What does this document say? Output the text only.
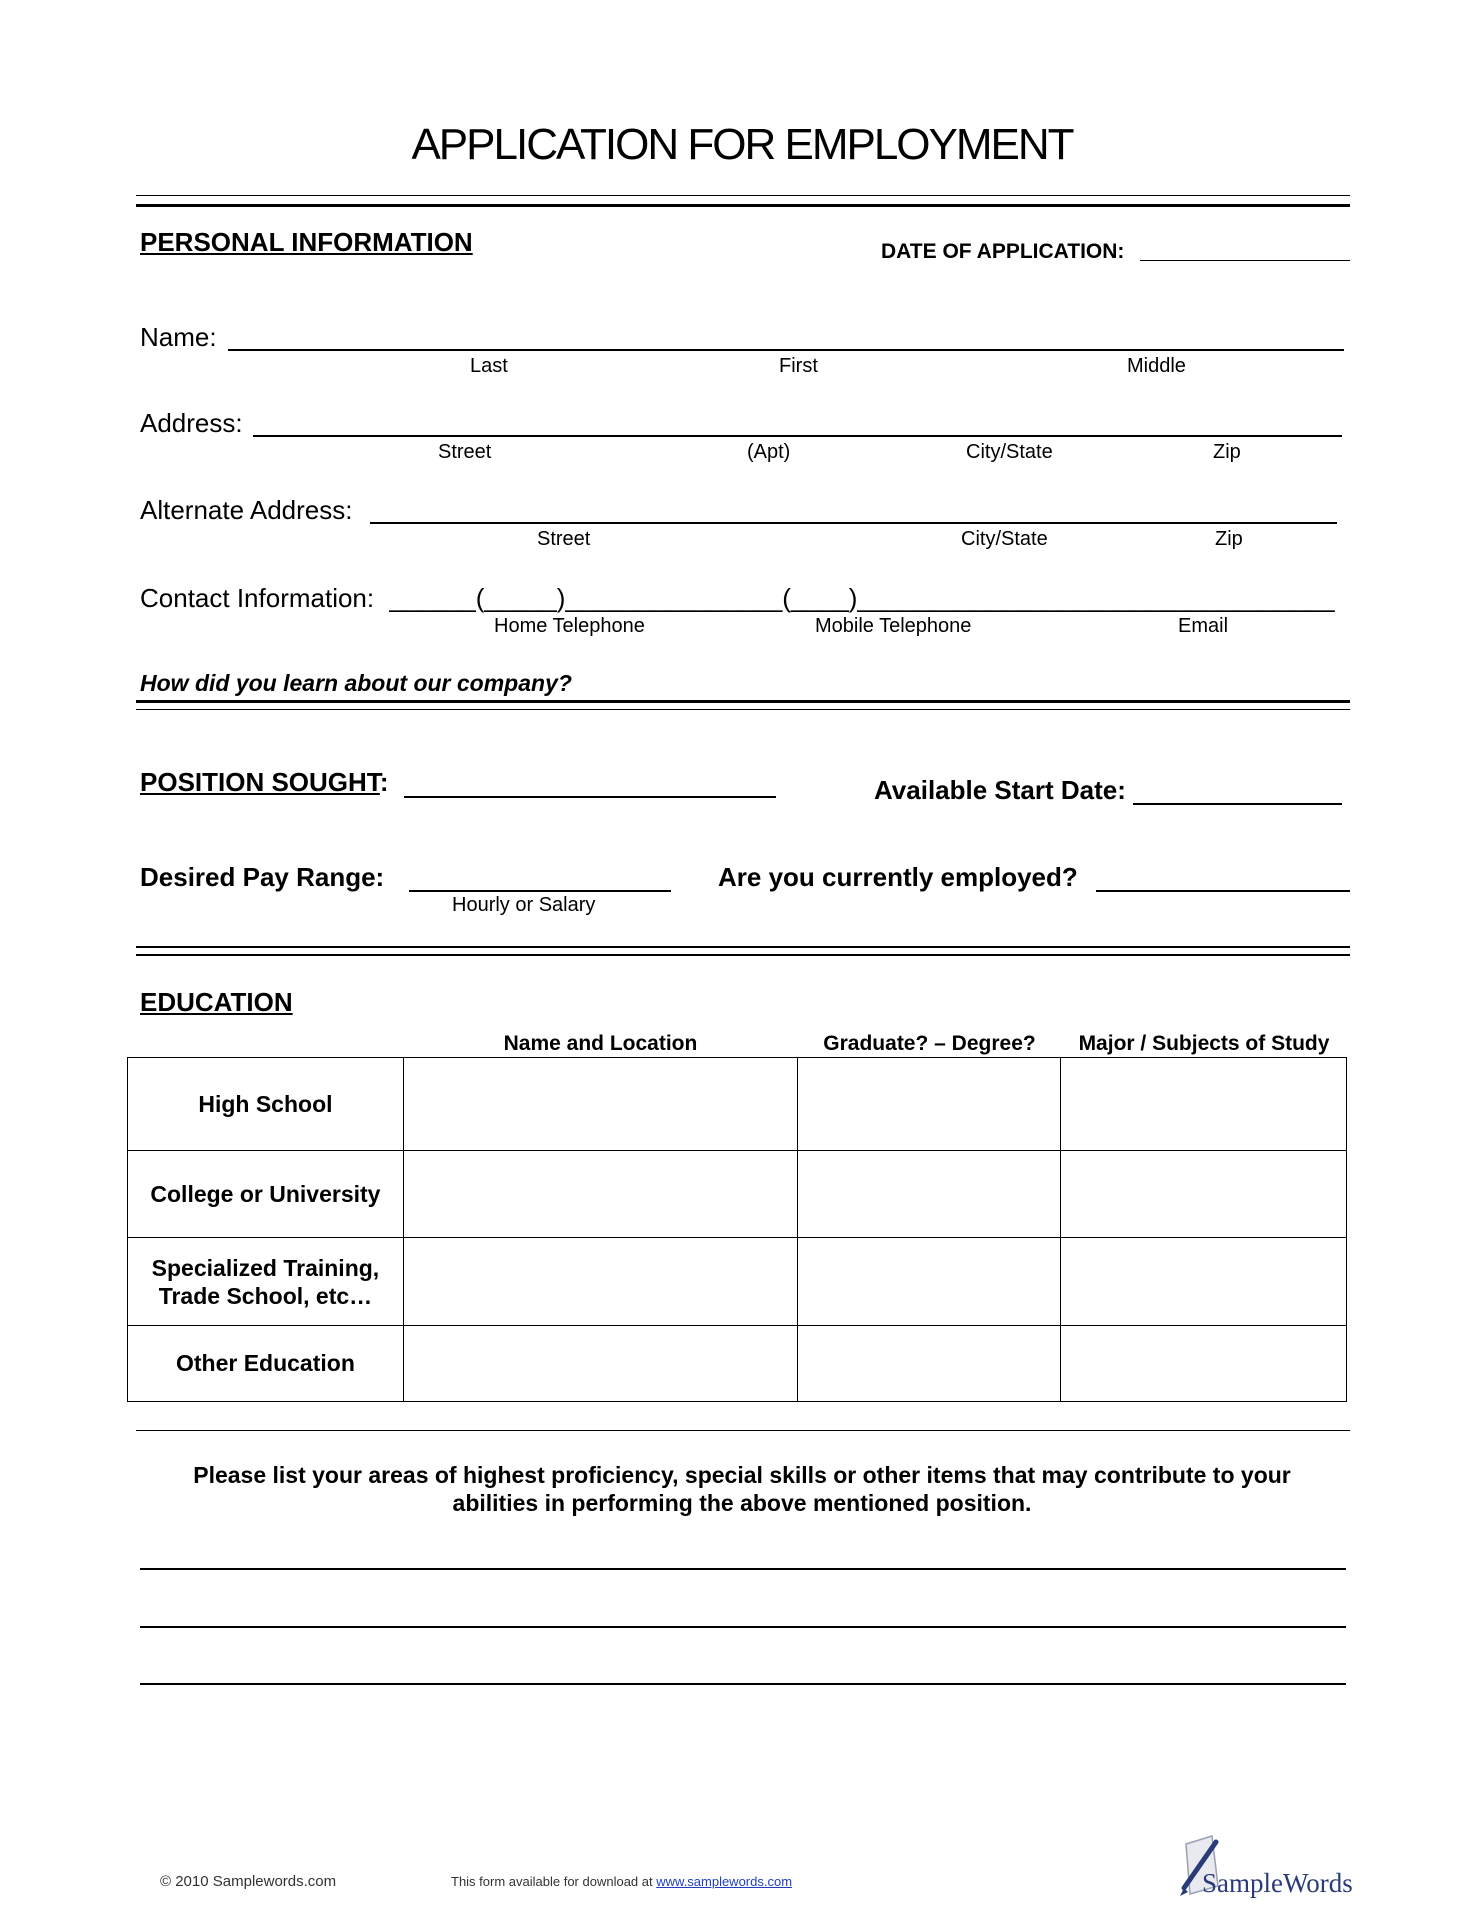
APPLICATION FOR EMPLOYMENT
PERSONAL INFORMATION	DATE OF APPLICATION:
Name:
Last	First	Middle
Address:
Street	(Apt)	City/State	Zip
Alternate Address:
Street	City/State	Zip
Contact Information: ______(_____)_______________(____)_________________________________
Home Telephone	Mobile Telephone	Email
How did you learn about our company?
POSITION SOUGHT:	Available Start Date:
Desired Pay Range:
Hourly or Salary
Are you currently employed?
EDUCATION
Name and Location	Graduate? – Degree?	Major / Subjects of Study
High School			
College or University			
Specialized Training,
Trade School, etc…			
Other Education			
Please list your areas of highest proficiency, special skills or other items that may contribute to your
abilities in performing the above mentioned position.
© 2010 Samplewords.com	This form available for download at www.samplewords.com	SampleWords
